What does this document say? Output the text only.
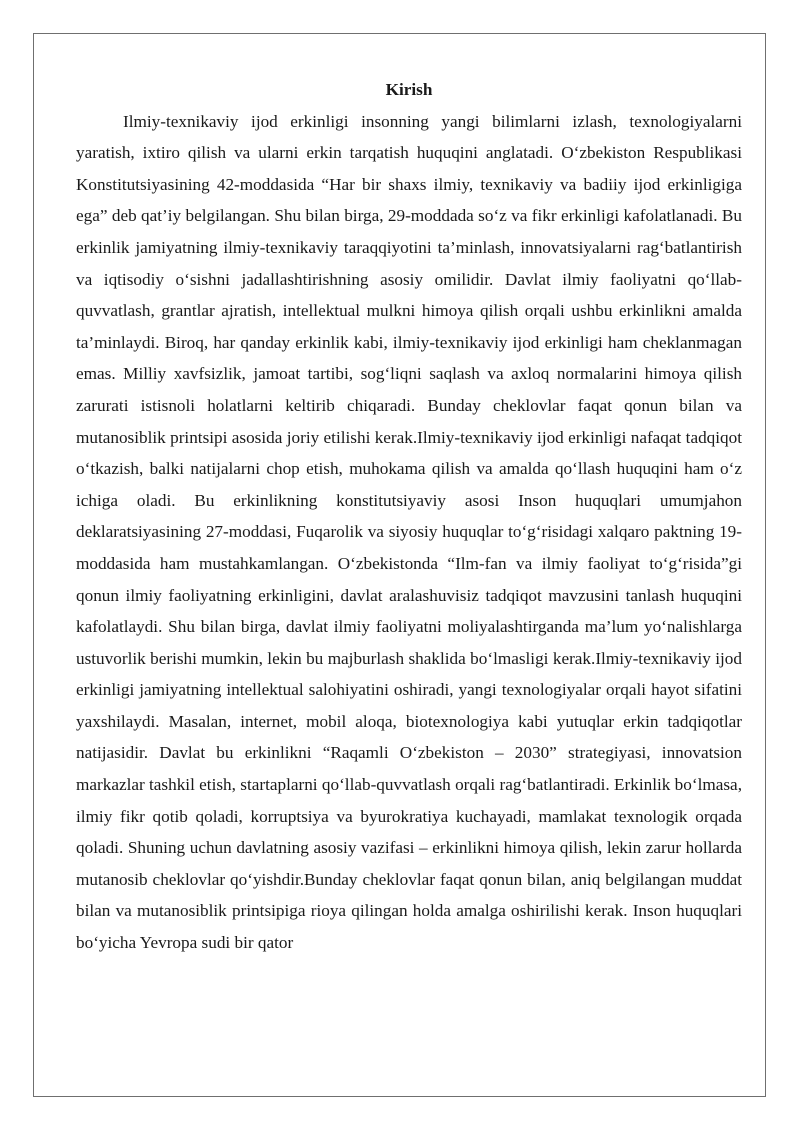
Kirish

Ilmiy-texnikaviy ijod erkinligi insonning yangi bilimlarni izlash, texnologiyalarni yaratish, ixtiro qilish va ularni erkin tarqatish huquqini anglatadi. O‘zbekiston Respublikasi Konstitutsiyasining 42-moddasida “Har bir shaxs ilmiy, texnikaviy va badiiy ijod erkinligiga ega” deb qat’iy belgilangan. Shu bilan birga, 29-moddada so‘z va fikr erkinligi kafolatlanadi. Bu erkinlik jamiyatning ilmiy-texnikaviy taraqqiyotini ta’minlash, innovatsiyalarni rag‘batlantirish va iqtisodiy o‘sishni jadallashtirishning asosiy omilidir. Davlat ilmiy faoliyatni qo‘llab-quvvatlash, grantlar ajratish, intellektual mulkni himoya qilish orqali ushbu erkinlikni amalda ta’minlaydi. Biroq, har qanday erkinlik kabi, ilmiy-texnikaviy ijod erkinligi ham cheklanmagan emas. Milliy xavfsizlik, jamoat tartibi, sog‘liqni saqlash va axloq normalarini himoya qilish zarurati istisnoli holatlarni keltirib chiqaradi. Bunday cheklovlar faqat qonun bilan va mutanosiblik printsipi asosida joriy etilishi kerak.Ilmiy-texnikaviy ijod erkinligi nafaqat tadqiqot o‘tkazish, balki natijalarni chop etish, muhokama qilish va amalda qo‘llash huquqini ham o‘z ichiga oladi. Bu erkinlikning konstitutsiyaviy asosi Inson huquqlari umumjahon deklaratsiyasining 27-moddasi, Fuqarolik va siyosiy huquqlar to‘g‘risidagi xalqaro paktning 19-moddasida ham mustahkamlangan. O‘zbekistonda “Ilm-fan va ilmiy faoliyat to‘g‘risida”gi qonun ilmiy faoliyatning erkinligini, davlat aralashuvisiz tadqiqot mavzusini tanlash huquqini kafolatlaydi. Shu bilan birga, davlat ilmiy faoliyatni moliyalashtirganda ma’lum yo‘nalishlarga ustuvorlik berishi mumkin, lekin bu majburlash shaklida bo‘lmasligi kerak.Ilmiy-texnikaviy ijod erkinligi jamiyatning intellektual salohiyatini oshiradi, yangi texnologiyalar orqali hayot sifatini yaxshilaydi. Masalan, internet, mobil aloqa, biotexnologiya kabi yutuqlar erkin tadqiqotlar natijasidir. Davlat bu erkinlikni “Raqamli O‘zbekiston – 2030” strategiyasi, innovatsion markazlar tashkil etish, startaplarni qo‘llab-quvvatlash orqali rag‘batlantiradi. Erkinlik bo‘lmasa, ilmiy fikr qotib qoladi, korruptsiya va byurokratiya kuchayadi, mamlakat texnologik orqada qoladi. Shuning uchun davlatning asosiy vazifasi – erkinlikni himoya qilish, lekin zarur hollarda mutanosib cheklovlar qo‘yishdir.Bunday cheklovlar faqat qonun bilan, aniq belgilangan muddat bilan va mutanosiblik printsipiga rioya qilingan holda amalga oshirilishi kerak. Inson huquqlari bo‘yicha Yevropa sudi bir qator
